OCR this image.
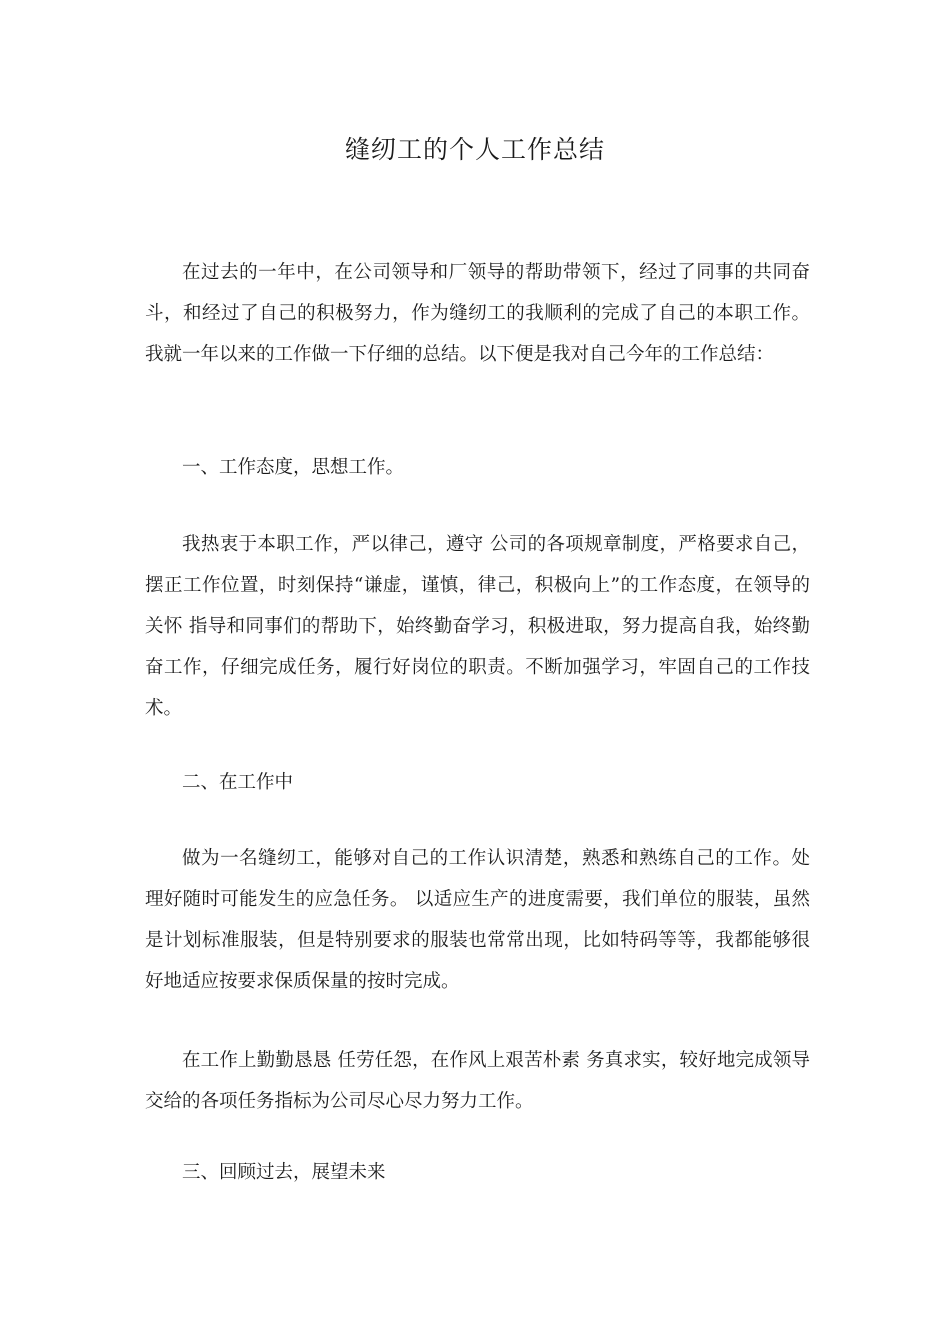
缝纫工的个人工作总结

在过去的一年中，在公司领导和厂领导的帮助带领下，经过了同事的共同奋斗，和经过了自己的积极努力，作为缝纫工的我顺利的完成了自己的本职工作。我就一年以来的工作做一下仔细的总结。以下便是我对自己今年的工作总结：

一、工作态度，思想工作。

我热衷于本职工作，严以律己，遵守 公司的各项规章制度，严格要求自己，摆正工作位置，时刻保持“谦虚，谨慎，律己，积极向上”的工作态度，在领导的关怀 指导和同事们的帮助下，始终勤奋学习，积极进取，努力提高自我，始终勤奋工作，仔细完成任务，履行好岗位的职责。不断加强学习，牢固自己的工作技术。

二、在工作中

做为一名缝纫工，能够对自己的工作认识清楚，熟悉和熟练自己的工作。处理好随时可能发生的应急任务。 以适应生产的进度需要，我们单位的服装，虽然是计划标准服装，但是特别要求的服装也常常出现，比如特码等等，我都能够很好地适应按要求保质保量的按时完成。

在工作上勤勤恳恳 任劳任怨，在作风上艰苦朴素 务真求实，较好地完成领导交给的各项任务指标为公司尽心尽力努力工作。

三、回顾过去，展望未来
